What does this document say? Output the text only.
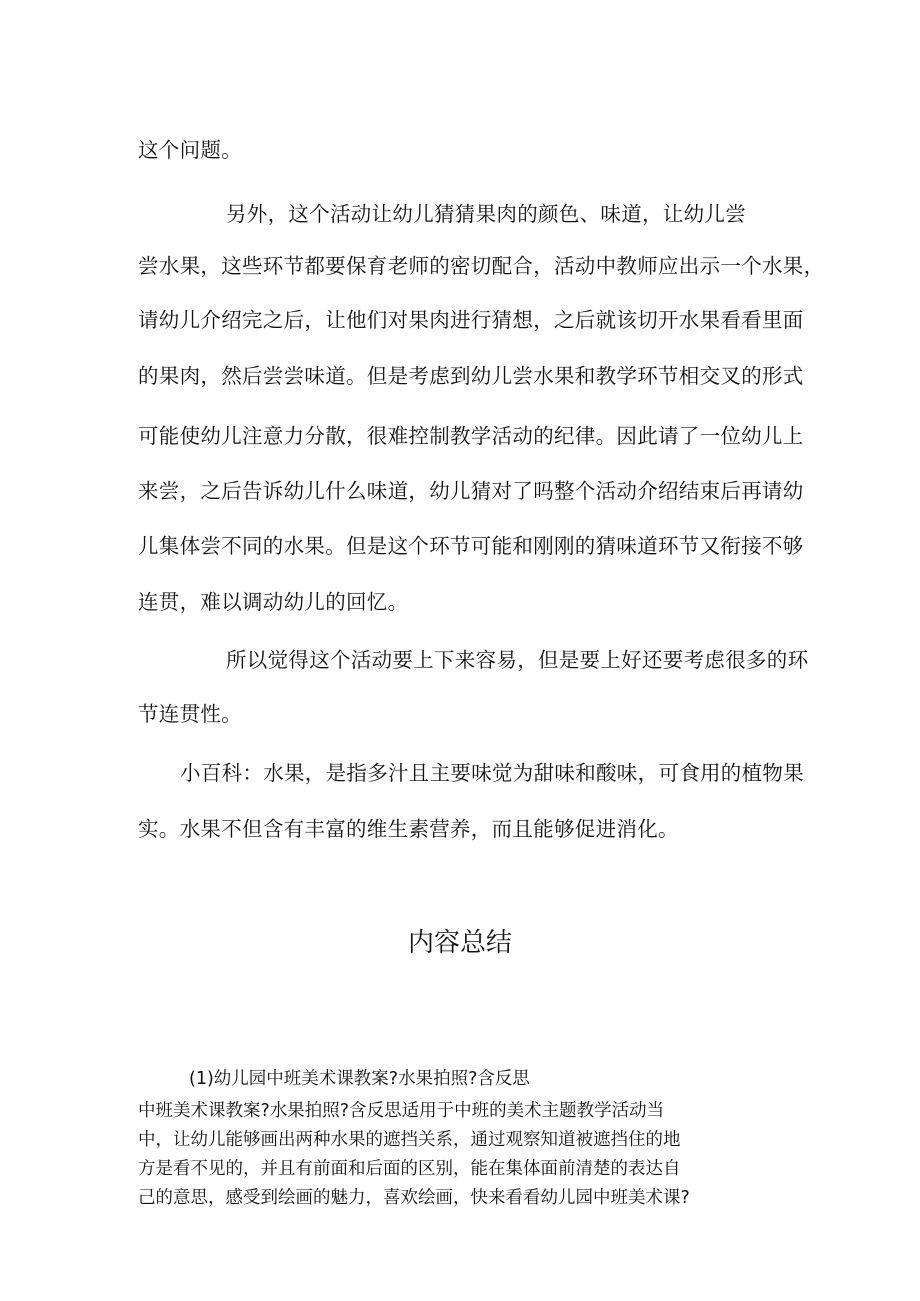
这个问题。
另外，这个活动让幼儿猜猜果肉的颜色、味道，让幼儿尝
尝水果，这些环节都要保育老师的密切配合，活动中教师应出示一个水果，
请幼儿介绍完之后，让他们对果肉进行猜想，之后就该切开水果看看里面
的果肉，然后尝尝味道。但是考虑到幼儿尝水果和教学环节相交叉的形式
可能使幼儿注意力分散，很难控制教学活动的纪律。因此请了一位幼儿上
来尝，之后告诉幼儿什么味道，幼儿猜对了吗整个活动介绍结束后再请幼
儿集体尝不同的水果。但是这个环节可能和刚刚的猜味道环节又衔接不够
连贯，难以调动幼儿的回忆。
所以觉得这个活动要上下来容易，但是要上好还要考虑很多的环
节连贯性。
小百科：水果，是指多汁且主要味觉为甜味和酸味，可食用的植物果
实。水果不但含有丰富的维生素营养，而且能够促进消化。
内容总结
(1)幼儿园中班美术课教案?水果拍照?含反思
中班美术课教案?水果拍照?含反思适用于中班的美术主题教学活动当
中，让幼儿能够画出两种水果的遮挡关系，通过观察知道被遮挡住的地
方是看不见的，并且有前面和后面的区别，能在集体面前清楚的表达自
己的意思，感受到绘画的魅力，喜欢绘画，快来看看幼儿园中班美术课?
